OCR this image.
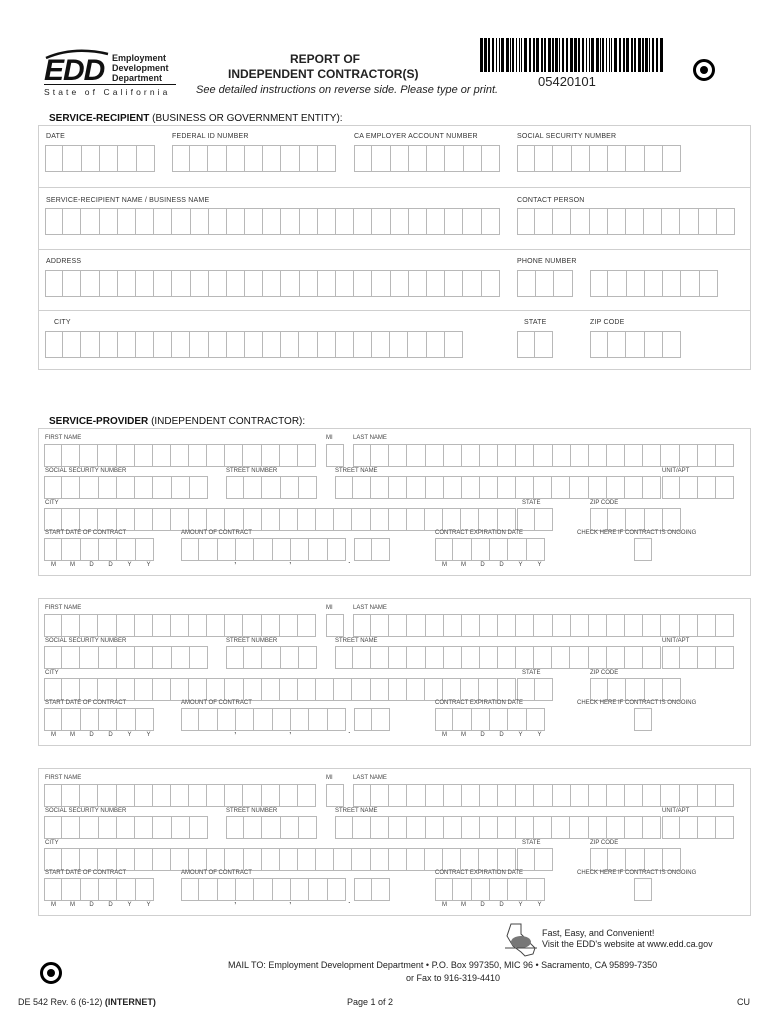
EDD Employment
Development
Department
State of California
REPORT OF
INDEPENDENT CONTRACTOR(S)
See detailed instructions on reverse side. Please type or print.
05420101
SERVICE-RECIPIENT (BUSINESS OR GOVERNMENT ENTITY):
DATE	FEDERAL ID NUMBER	CA EMPLOYER ACCOUNT NUMBER	SOCIAL SECURITY NUMBER
SERVICE-RECIPIENT NAME / BUSINESS NAME	CONTACT PERSON
ADDRESS	PHONE NUMBER
CITY	STATE	ZIP CODE
SERVICE-PROVIDER (INDEPENDENT CONTRACTOR):
FIRST NAME	MI	LAST NAME
SOCIAL SECURITY NUMBER	STREET NUMBER	STREET NAME	UNIT/APT
CITY	STATE	ZIP CODE
START DATE OF CONTRACT
M	M	D	D	Y	Y
AMOUNT OF CONTRACT
,	,	.
CONTRACT EXPIRATION DATE
M	M	D	D	Y	Y
CHECK HERE IF CONTRACT IS ONGOING
FIRST NAME	MI	LAST NAME
SOCIAL SECURITY NUMBER	STREET NUMBER	STREET NAME	UNIT/APT
CITY	STATE	ZIP CODE
START DATE OF CONTRACT
M	M	D	D	Y	Y
AMOUNT OF CONTRACT
,	,	.
CONTRACT EXPIRATION DATE
M	M	D	D	Y	Y
CHECK HERE IF CONTRACT IS ONGOING
FIRST NAME	MI	LAST NAME
SOCIAL SECURITY NUMBER	STREET NUMBER	STREET NAME	UNIT/APT
CITY	STATE	ZIP CODE
START DATE OF CONTRACT
M	M	D	D	Y	Y
AMOUNT OF CONTRACT
,	,	.
CONTRACT EXPIRATION DATE
M	M	D	D	Y	Y
CHECK HERE IF CONTRACT IS ONGOING
Fast, Easy, and Convenient!
Visit the EDD's website at www.edd.ca.gov
MAIL TO: Employment Development Department • P.O. Box 997350, MIC 96 • Sacramento, CA 95899-7350
or Fax to 916-319-4410
DE 542 Rev. 6 (6-12) (INTERNET)	Page 1 of 2	CU
